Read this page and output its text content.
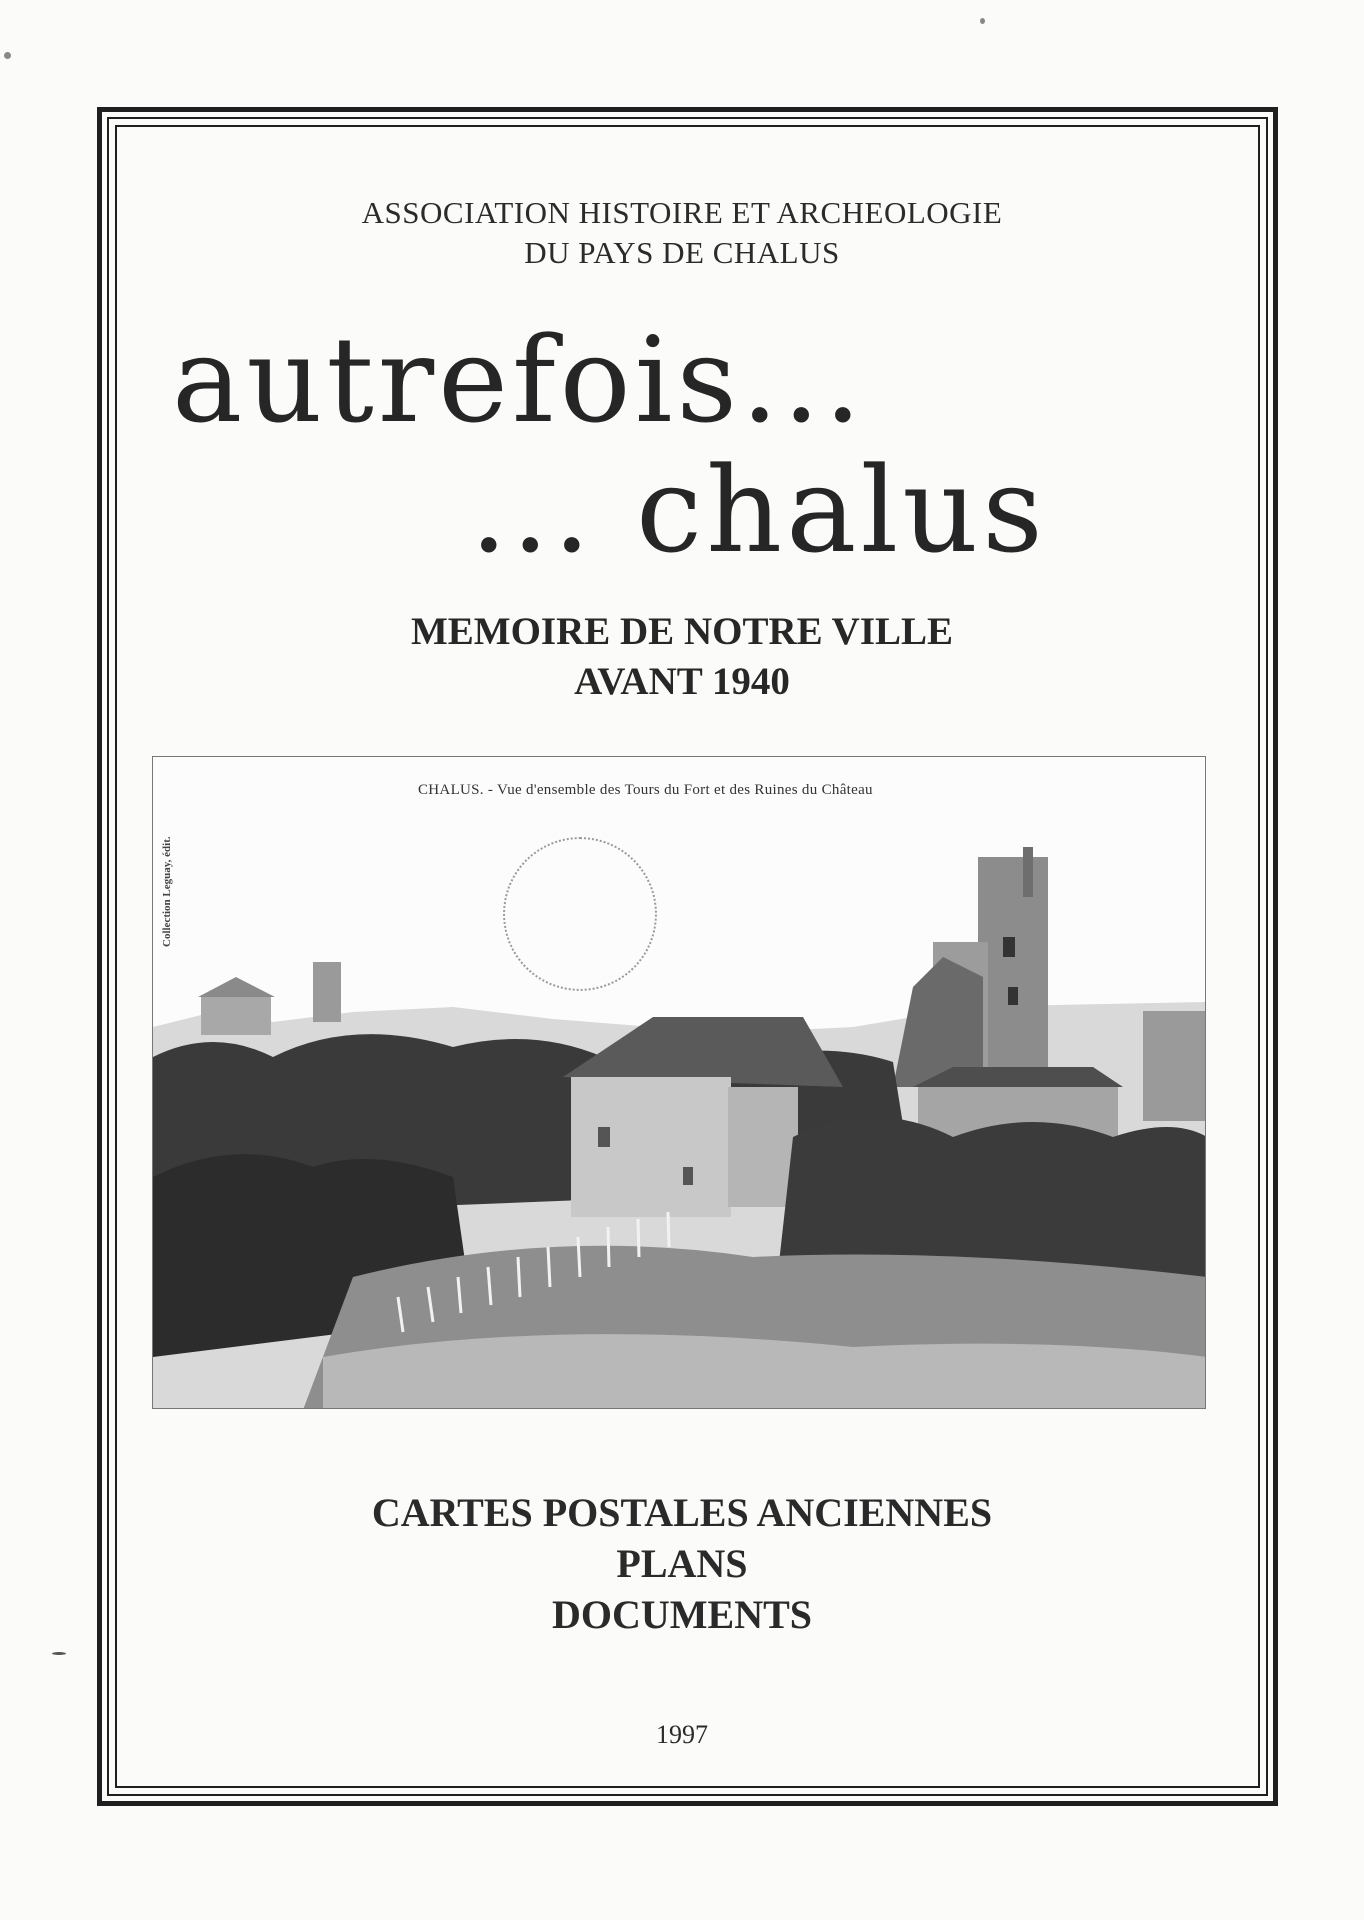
ASSOCIATION HISTOIRE ET ARCHEOLOGIE
DU PAYS DE CHALUS
autrefois...
... chalus
MEMOIRE DE NOTRE VILLE
AVANT 1940
CHALUS. - Vue d'ensemble des Tours du Fort et des Ruines du Château
Collection Leguay, édit.
CARTES POSTALES ANCIENNES
PLANS
DOCUMENTS
1997
